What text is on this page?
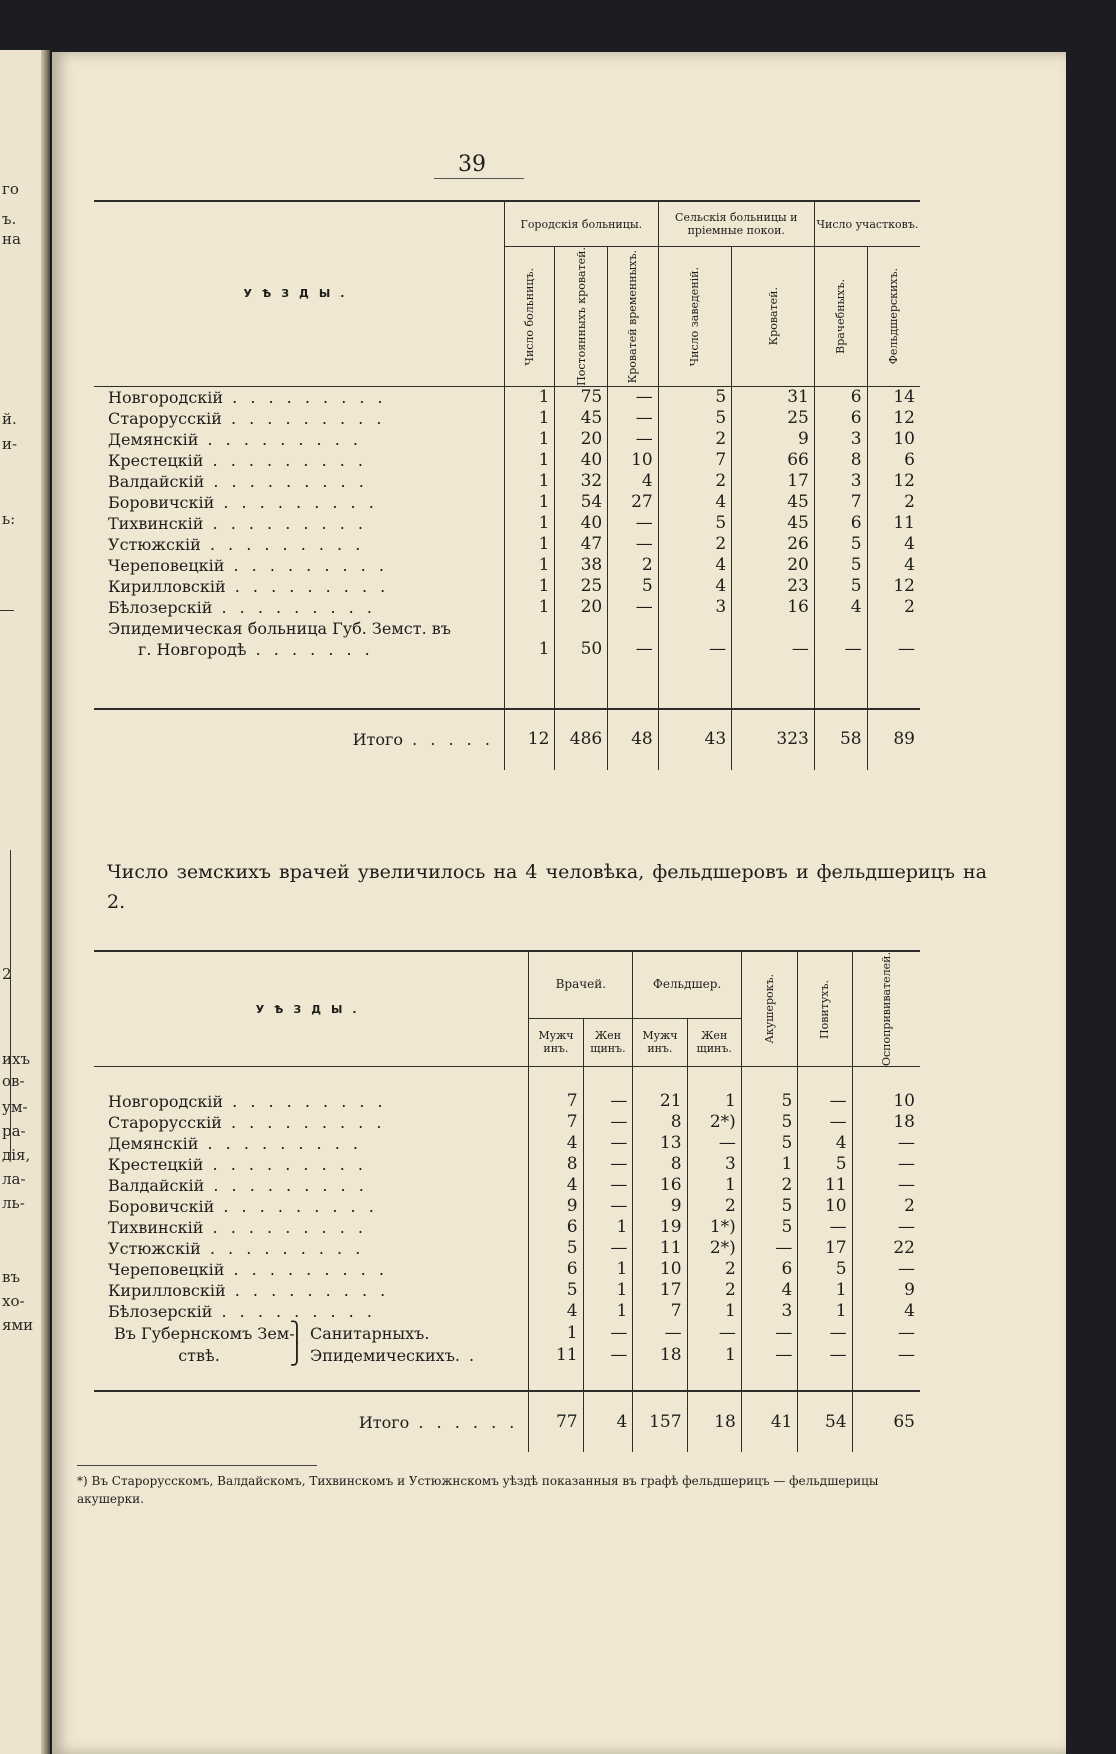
го
ъ.
на
й.
и-
ь:
2
ихъ
ов-
ум-
ра-
дія,
ла-
ль-
въ
хо-
ями
39
УѢЗДЫ.	Городскія больницы.			Сельскія больницы и пріемные покои.		Число участковъ.	

	Число больницъ.	Постоянныхъ кроватей.	Кроватей временныхъ.	Число заведеній.	Кроватей.	Врачебныхъ.	Фельдшерскихъ.

Новгородскій . . . . . . . . .	1	75	—	5	31	6	14
Старорусскій . . . . . . . . .	1	45	—	5	25	6	12
Демянскій . . . . . . . . .	1	20	—	2	9	3	10
Крестецкій . . . . . . . . .	1	40	10	7	66	8	6
Валдайскій . . . . . . . . .	1	32	4	2	17	3	12
Боровичскій . . . . . . . . .	1	54	27	4	45	7	2
Тихвинскій . . . . . . . . .	1	40	—	5	45	6	11
Устюжскій . . . . . . . . .	1	47	—	2	26	5	4
Череповецкій . . . . . . . . .	1	38	2	4	20	5	4
Кирилловскій . . . . . . . . .	1	25	5	4	23	5	12
Бѣлозерскій . . . . . . . . .	1	20	—	3	16	4	2
Эпидемическая больница Губ. Земст. въ							
г. Новгородѣ . . . . . . .	1	50	—	—	—	—	—

Итого . . . . .	12	486	48	43	323	58	89
Число земскихъ врачей увеличилось на 4 человѣка, фельдшеровъ и фельдшерицъ на 2.
УѢЗДЫ.	Врачей.		Фельдшер.		Акушерокъ.	Повитухъ.	Оспопрививателей.

	Мужчинъ.	Женщинъ.	Мужчинъ.	Женщинъ.			

Новгородскій . . . . . . . . .	7	—	21	1	5	—	10
Старорусскій . . . . . . . . .	7	—	8	2*)	5	—	18
Демянскій . . . . . . . . .	4	—	13	—	5	4	—
Крестецкій . . . . . . . . .	8	—	8	3	1	5	—
Валдайскій . . . . . . . . .	4	—	16	1	2	11	—
Боровичскій . . . . . . . . .	9	—	9	2	5	10	2
Тихвинскій . . . . . . . . .	6	1	19	1*)	5	—	—
Устюжскій . . . . . . . . .	5	—	11	2*)	—	17	22
Череповецкій . . . . . . . . .	6	1	10	2	6	5	—
Кирилловскій . . . . . . . . .	5	1	17	2	4	1	9
Бѣлозерскій . . . . . . . . .	4	1	7	1	3	1	4
Въ Губернскомъ Зем-⎫ Санитарныхъ.	1	—	—	—	—	—	—
ствѣ. ⎭ Эпидемическихъ. .	11	—	18	1	—	—	—

Итого . . . . . .	77	4	157	18	41	54	65
*) Въ Старорусскомъ, Валдайскомъ, Тихвинскомъ и Устюжнскомъ уѣздѣ показанныя въ графѣ фельдшерицъ — фельдшерицы акушерки.
